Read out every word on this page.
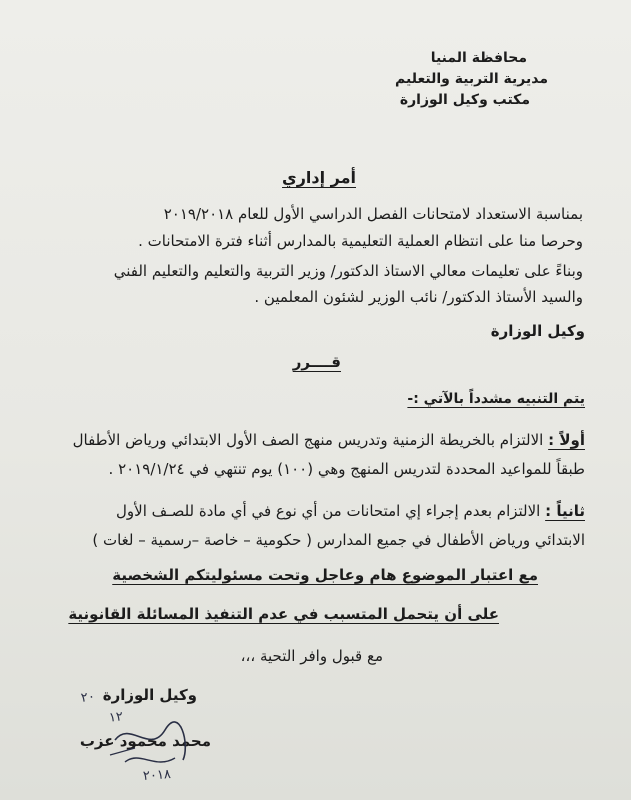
محافظة المنيا
مديرية التربية والتعليم
مكتب وكيل الوزارة
أمر إداري
بمناسبة الاستعداد لامتحانات الفصل الدراسي الأول للعام ٢٠١٩/٢٠١٨
وحرصا منا على انتظام العملية التعليمية بالمدارس أثناء فترة الامتحانات .
وبناءً على تعليمات معالي الاستاذ الدكتور/ وزير التربية والتعليم والتعليم الفني
والسيد الأستاذ الدكتور/ نائب الوزير لشئون المعلمين .
وكيل الوزارة
قــــرر
يتم التنبيه مشدداً بالآتي :-
أولاً : الالتزام بالخريطة الزمنية وتدريس منهج الصف الأول الابتدائي ورياض الأطفال
طبقاً للمواعيد المحددة لتدريس المنهج وهي (١٠٠) يوم تنتهي في ٢٠١٩/١/٢٤ .
ثانياً : الالتزام بعدم إجراء إي امتحانات من أي نوع في أي مادة للصـف الأول
الابتدائي ورياض الأطفال في جميع المدارس ( حكومية – خاصة –رسمية – لغات )
مع اعتبار الموضوع هام وعاجل وتحت مسئوليتكم الشخصية
على أن يتحمل المتسبب في عدم التنفيذ المسائلة القانونية
مع قبول وافر التحية ،،،
وكيل الوزارة
محمد محمود عزب
٢٠
١٢
٢٠١٨
